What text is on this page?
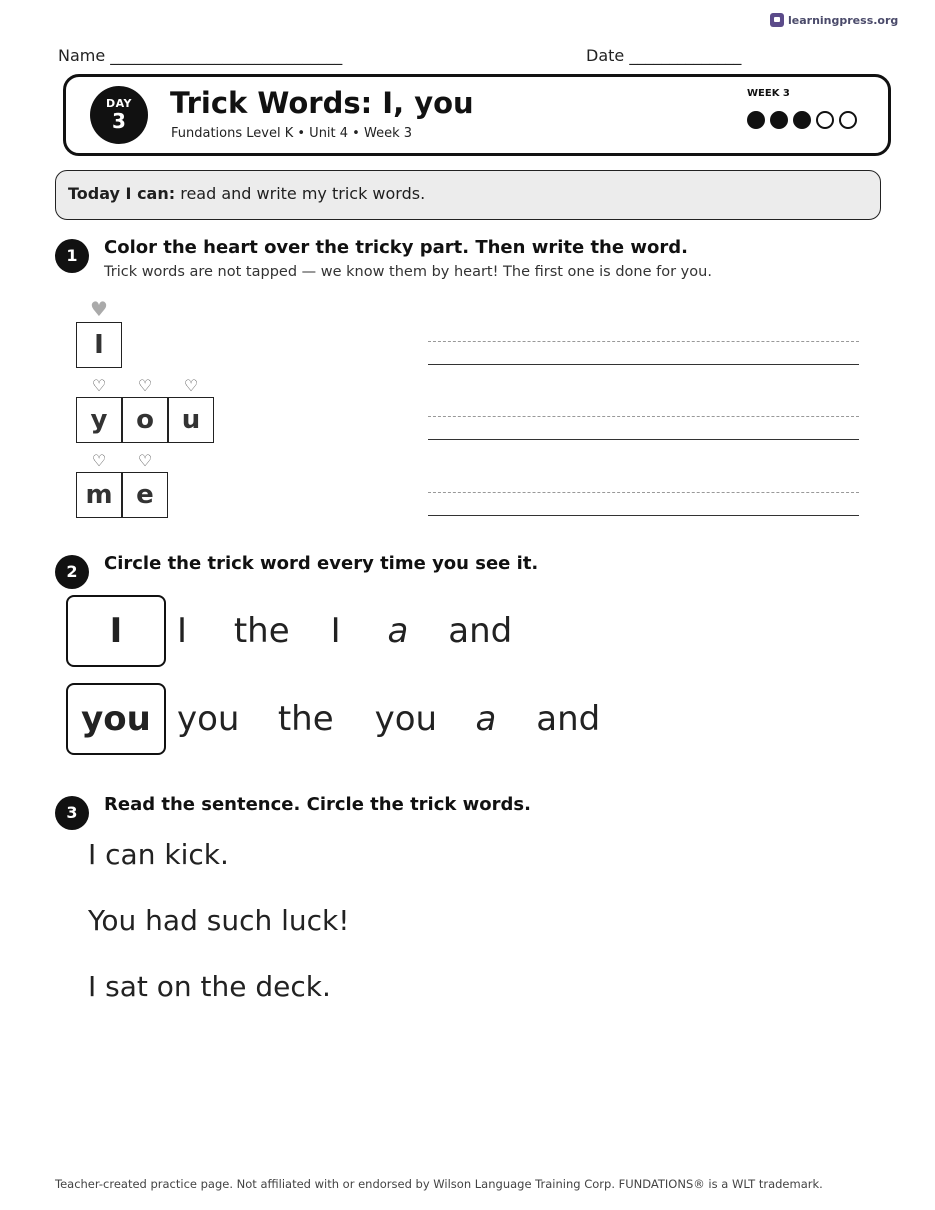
learningpress.org
Name _____________________________	Date ______________
DAY
3
Trick Words: I, you
Fundations Level K • Unit 4 • Week 3
WEEK 3
Today I can: read and write my trick words.
1	Color the heart over the tricky part. Then write the word.
Trick words are not tapped — we know them by heart! The first one is done for you.
♥
I
♡
y
♡
o
♡
u
♡
m
♡
e
2	Circle the trick word every time you see it.
I	I the I a and
you you the you a and
3	Read the sentence. Circle the trick words.
I can kick.
You had such luck!
I sat on the deck.
Teacher-created practice page. Not affiliated with or endorsed by Wilson Language Training Corp. FUNDATIONS® is a WLT trademark.
